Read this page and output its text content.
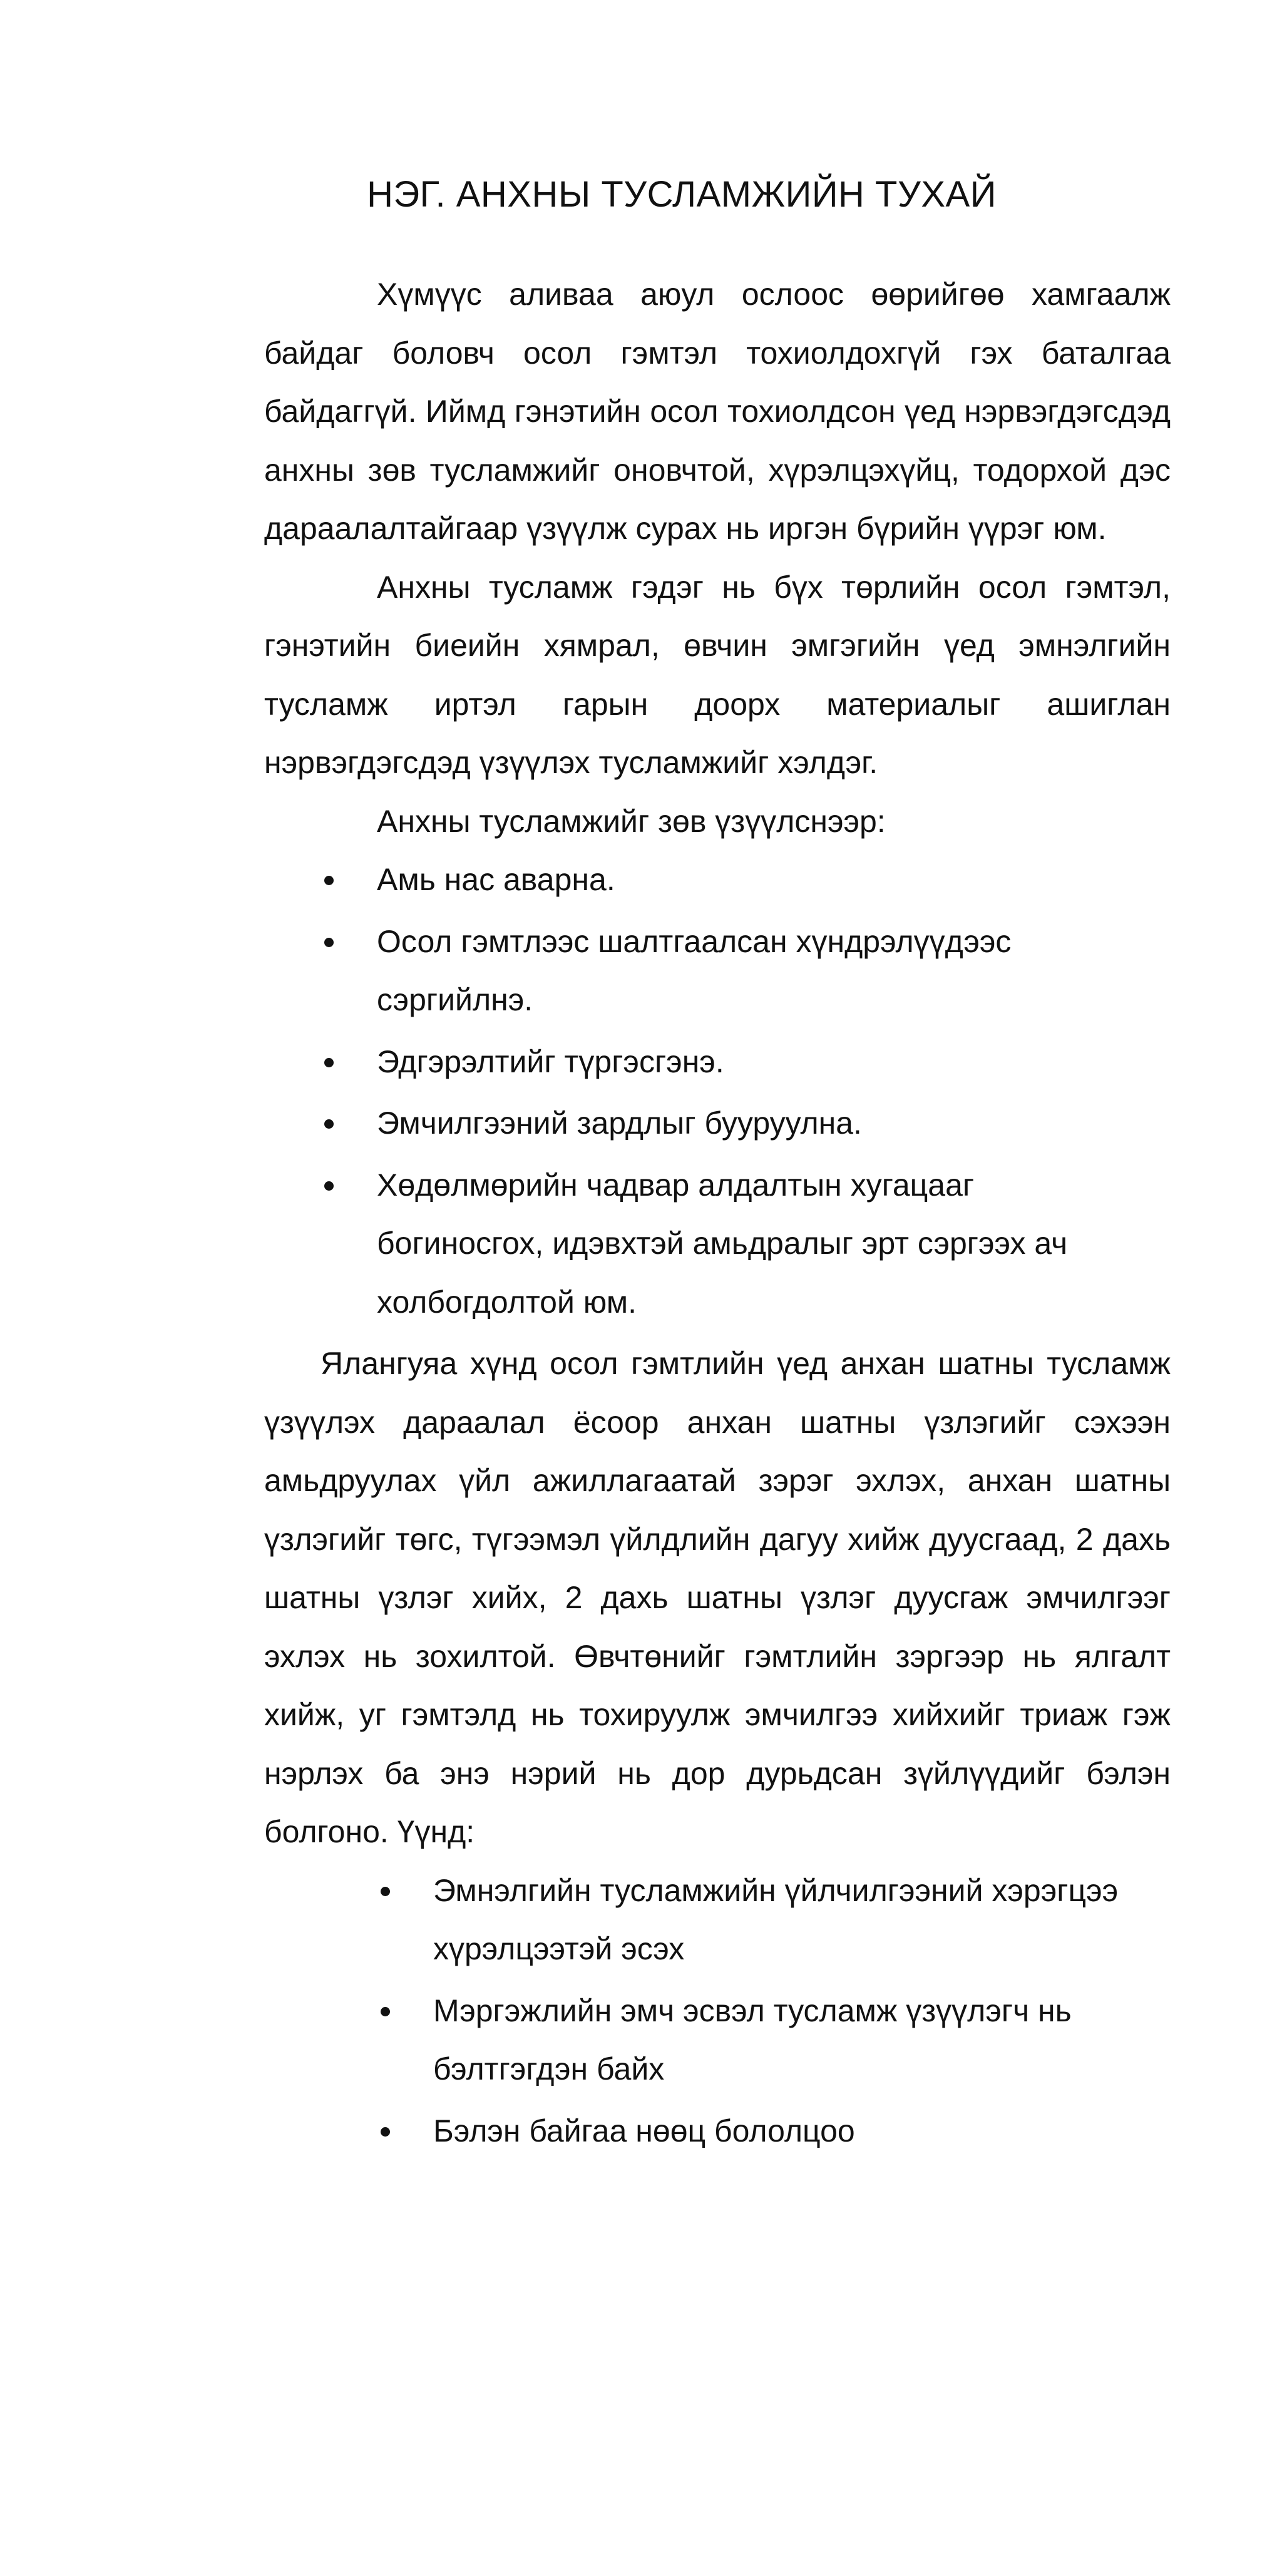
НЭГ. АНХНЫ ТУСЛАМЖИЙН ТУХАЙ

Хүмүүс аливаа аюул ослоос өөрийгөө хамгаалж байдаг боловч осол гэмтэл тохиолдохгүй гэх баталгаа байдаггүй. Иймд гэнэтийн осол тохиолдсон үед нэрвэгдэгсдэд анхны зөв тусламжийг оновчтой, хүрэлцэхүйц, тодорхой дэс дараалалтайгаар үзүүлж сурах нь иргэн бүрийн үүрэг юм.

Анхны тусламж гэдэг нь бүх төрлийн осол гэмтэл, гэнэтийн биеийн хямрал, өвчин эмгэгийн үед эмнэлгийн тусламж иртэл гарын доорх материалыг ашиглан нэрвэгдэгсдэд үзүүлэх тусламжийг хэлдэг.

Анхны тусламжийг зөв үзүүлснээр:

Амь нас аварна.
Осол гэмтлээс шалтгаалсан хүндрэлүүдээс сэргийлнэ.
Эдгэрэлтийг түргэсгэнэ.
Эмчилгээний зардлыг бууруулна.
Хөдөлмөрийн чадвар алдалтын хугацааг богиносгох, идэвхтэй амьдралыг эрт сэргээх ач холбогдолтой юм.

Ялангуяа хүнд осол гэмтлийн үед анхан шатны тусламж үзүүлэх дараалал ёсоор анхан шатны үзлэгийг сэхээн амьдруулах үйл ажиллагаатай зэрэг эхлэх, анхан шатны үзлэгийг төгс, түгээмэл үйлдлийн дагуу хийж дуусгаад, 2 дахь шатны үзлэг хийх, 2 дахь шатны үзлэг дуусгаж эмчилгээг эхлэх нь зохилтой. Өвчтөнийг гэмтлийн зэргээр нь ялгалт хийж, уг гэмтэлд нь тохируулж эмчилгээ хийхийг триаж гэж нэрлэх ба энэ нэрий нь дор дурьдсан зүйлүүдийг бэлэн болгоно. Үүнд:

Эмнэлгийн тусламжийн үйлчилгээний хэрэгцээ хүрэлцээтэй эсэх
Мэргэжлийн эмч эсвэл тусламж үзүүлэгч нь бэлтгэгдэн байх
Бэлэн байгаа нөөц бололцоо
